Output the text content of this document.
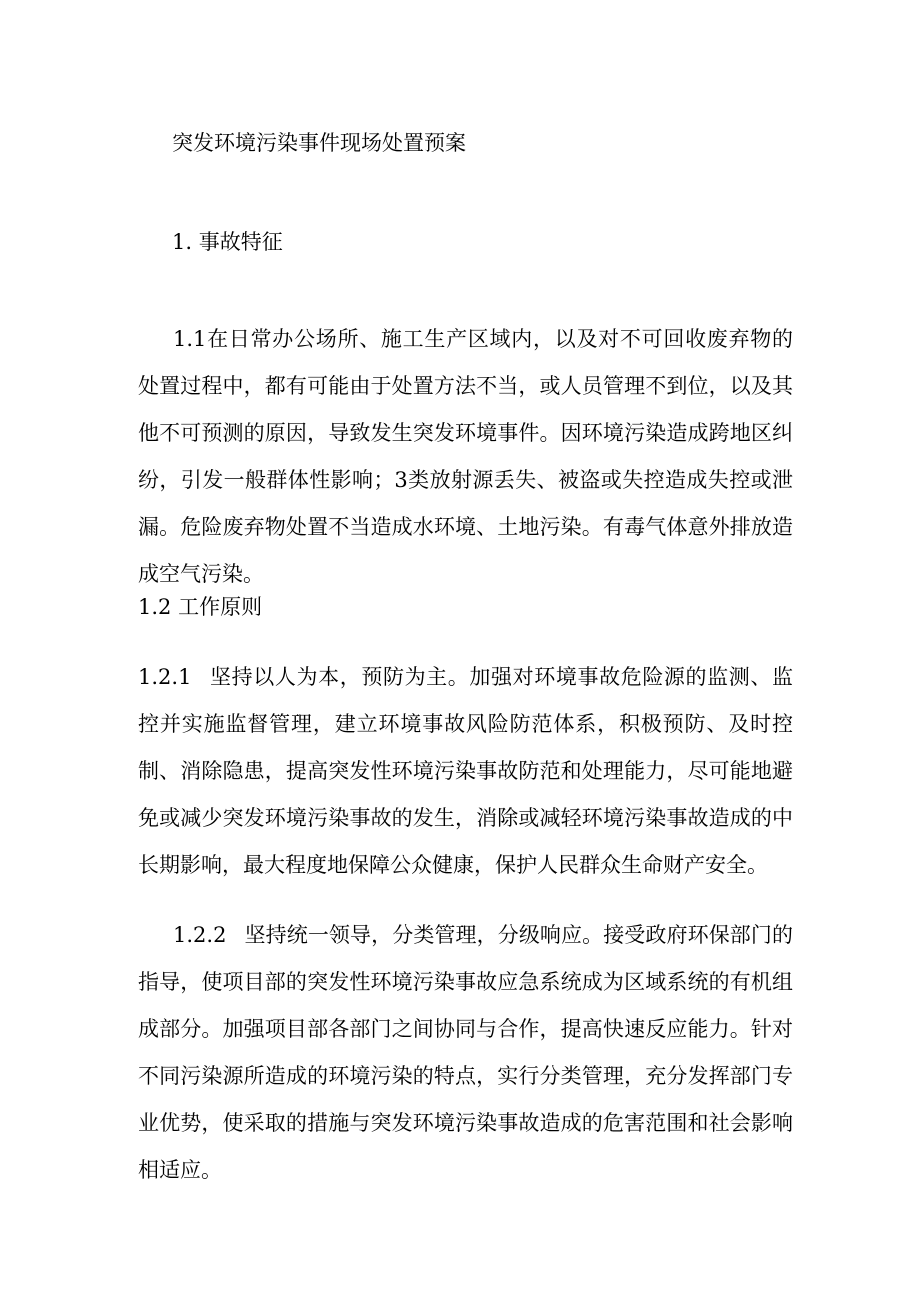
突发环境污染事件现场处置预案
1. 事故特征
1.1在日常办公场所、施工生产区域内，以及对不可回收废弃物的处置过程中，都有可能由于处置方法不当，或人员管理不到位，以及其他不可预测的原因，导致发生突发环境事件。因环境污染造成跨地区纠纷，引发一般群体性影响；3类放射源丢失、被盗或失控造成失控或泄漏。危险废弃物处置不当造成水环境、土地污染。有毒气体意外排放造成空气污染。
1.2 工作原则
1.2.1 坚持以人为本，预防为主。加强对环境事故危险源的监测、监控并实施监督管理，建立环境事故风险防范体系，积极预防、及时控制、消除隐患，提高突发性环境污染事故防范和处理能力，尽可能地避免或减少突发环境污染事故的发生，消除或减轻环境污染事故造成的中长期影响，最大程度地保障公众健康，保护人民群众生命财产安全。
1.2.2 坚持统一领导，分类管理，分级响应。接受政府环保部门的指导，使项目部的突发性环境污染事故应急系统成为区域系统的有机组成部分。加强项目部各部门之间协同与合作，提高快速反应能力。针对不同污染源所造成的环境污染的特点，实行分类管理，充分发挥部门专业优势，使采取的措施与突发环境污染事故造成的危害范围和社会影响相适应。
